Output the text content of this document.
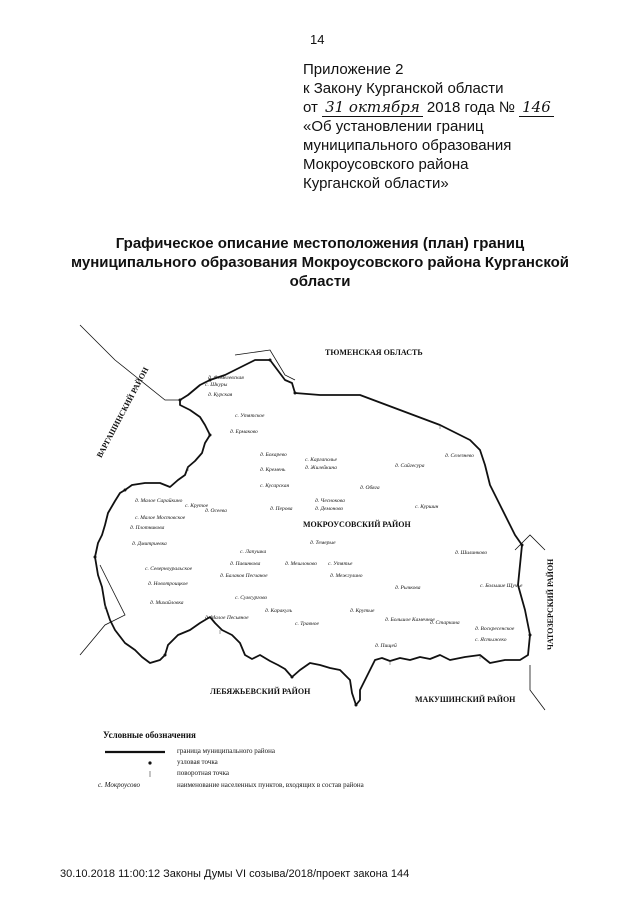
14
Приложение 2
к Закону Курганской области
от 31 октября 2018 года № 146
«Об установлении границ
муниципального образования
Мокроусовского района
Курганской области»
Графическое описание местоположения (план) границ муниципального образования Мокроусовского района Курганской области
ТЮМЕНСКАЯ ОБЛАСТЬ
ВАРГАШИНСКИЙ РАЙОН
МОКРОУСОВСКИЙ РАЙОН
ЛЕБЯЖЬЕВСКИЙ РАЙОН
МАКУШИНСКИЙ РАЙОН
ЧАТОЗЕРСКИЙ РАЙОН
д. Фомелевская
с. Шкуры
д. Курская
с. Утятское
д. Ермаково
д. Бохарево
с. Каргаполье
д. Кремень	д. Жилейкина	д. Сайгесура
д. Селезнево
с. Кусарская	д. Обяга
с. Крутое
д. Осеева
д. Малое Сарайкино
с. Малое Мостовское
д. Чеснокова
д. Демоново
д. Перова	с. Куршин
д. Плотникова
д. Дмитриевка
с. Лапушка
д. Темерые
д. Шилинково
д. Павинкова	д. Мешлоково с. Утятье
с. Северноуральское
д. Балаков Песчаное	д. Межгулино
д. Рычкова	с. Большие Щучье
д. Новотроицкое
с. Сумсургово
д. Михайловка
д. Крутые
д. Большое Камечное
д. Малое Песьяное
д. Каракуль
с. Травное	д. Старкина
д. Воскресенское
с. Ястыжеко
д. Пищей
Условные обозначения
граница муниципального района
узловая точка
поворотная точка
с. Мокроусово	наименование населенных пунктов, входящих в состав района
30.10.2018 11:00:12 Законы Думы VI созыва/2018/проект закона 144
